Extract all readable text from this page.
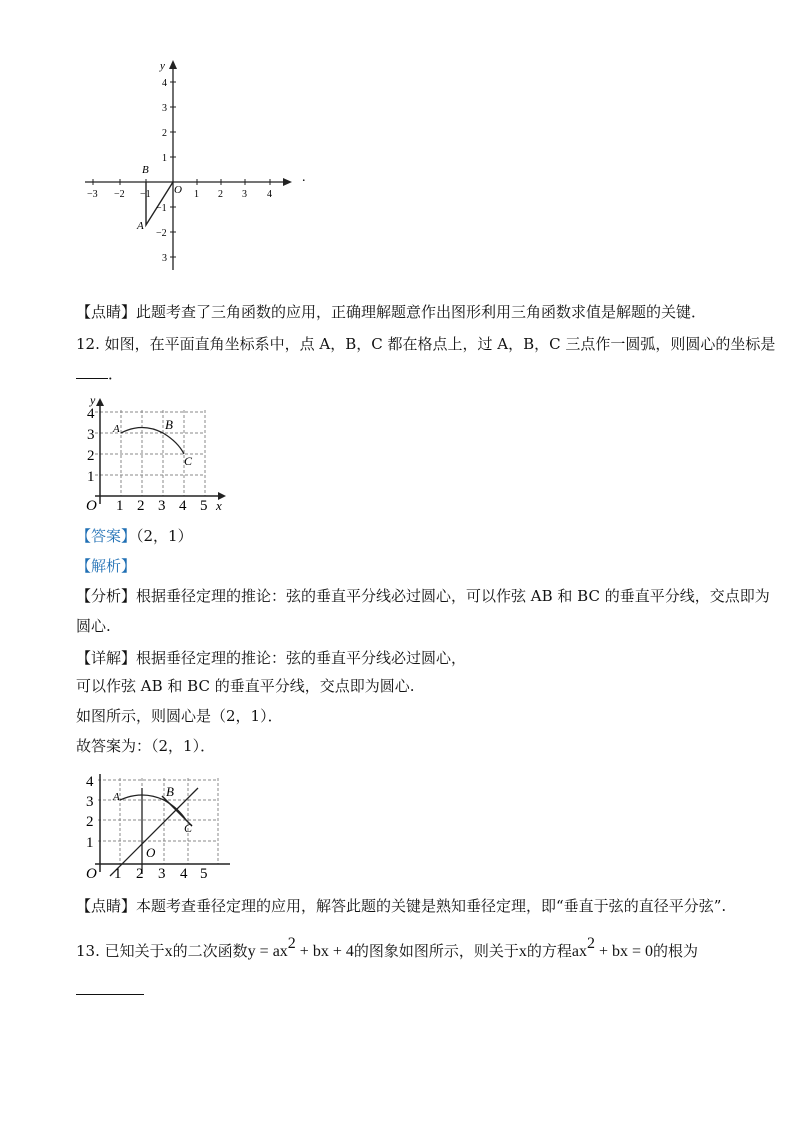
y
4
3
2
1
−1
−2
3
−3 −2 −1	1 2 3 4
B
O
A
.
【点睛】此题考查了三角函数的应用，正确理解题意作出图形利用三角函数求值是解题的关键．
12. 如图，在平面直角坐标系中，点 A，B，C 都在格点上，过 A，B，C 三点作一圆弧，则圆心的坐标是
．
y
4
3
2
1
O 1 2 3 4 5 x
A	B
C
【答案】（2，1）
【解析】
【分析】根据垂径定理的推论：弦的垂直平分线必过圆心，可以作弦 AB 和 BC 的垂直平分线，交点即为
圆心.
【详解】根据垂径定理的推论：弦的垂直平分线必过圆心，
可以作弦 AB 和 BC 的垂直平分线，交点即为圆心.
如图所示，则圆心是（2，1）．
故答案为：（2，1）．
4
3
2
1
O 1 2 3 4 5
O
A	B
C
【点睛】本题考查垂径定理的应用，解答此题的关键是熟知垂径定理，即“垂直于弦的直径平分弦”.
13. 已知关于x的二次函数$y = ax^2$ + bx + 4的图象如图所示，则关于x的方程$ax^2$ + bx = 0的根为
